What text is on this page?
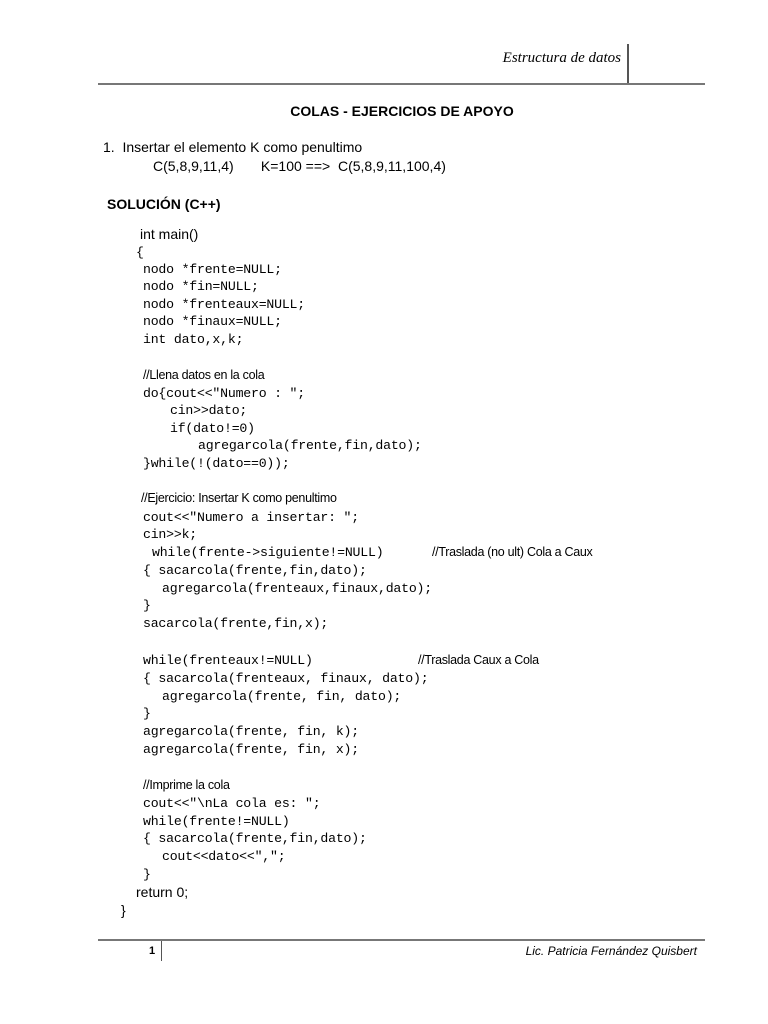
Estructura de datos
COLAS - EJERCICIOS DE APOYO
1. Insertar el elemento K como penultimo
C(5,8,9,11,4)       K=100 ==>  C(5,8,9,11,100,4)
SOLUCIÓN (C++)
int main()
{
nodo *frente=NULL;
nodo *fin=NULL;
nodo *frenteaux=NULL;
nodo *finaux=NULL;
int dato,x,k;
//Llena datos en la cola
do{cout<<"Numero : ";
cin>>dato;
if(dato!=0)
agregarcola(frente,fin,dato);
}while(!(dato==0));
//Ejercicio: Insertar K como penultimo
cout<<"Numero a insertar: ";
cin>>k;
while(frente->siguiente!=NULL)	//Traslada (no ult) Cola a Caux
{ sacarcola(frente,fin,dato);
agregarcola(frenteaux,finaux,dato);
}
sacarcola(frente,fin,x);
while(frenteaux!=NULL)	//Traslada Caux a Cola
{ sacarcola(frenteaux, finaux, dato);
agregarcola(frente, fin, dato);
}
agregarcola(frente, fin, k);
agregarcola(frente, fin, x);
//Imprime la cola
cout<<"\nLa cola es: ";
while(frente!=NULL)
{ sacarcola(frente,fin,dato);
cout<<dato<<",";
}
return 0;
}
1	Lic. Patricia Fernández Quisbert
